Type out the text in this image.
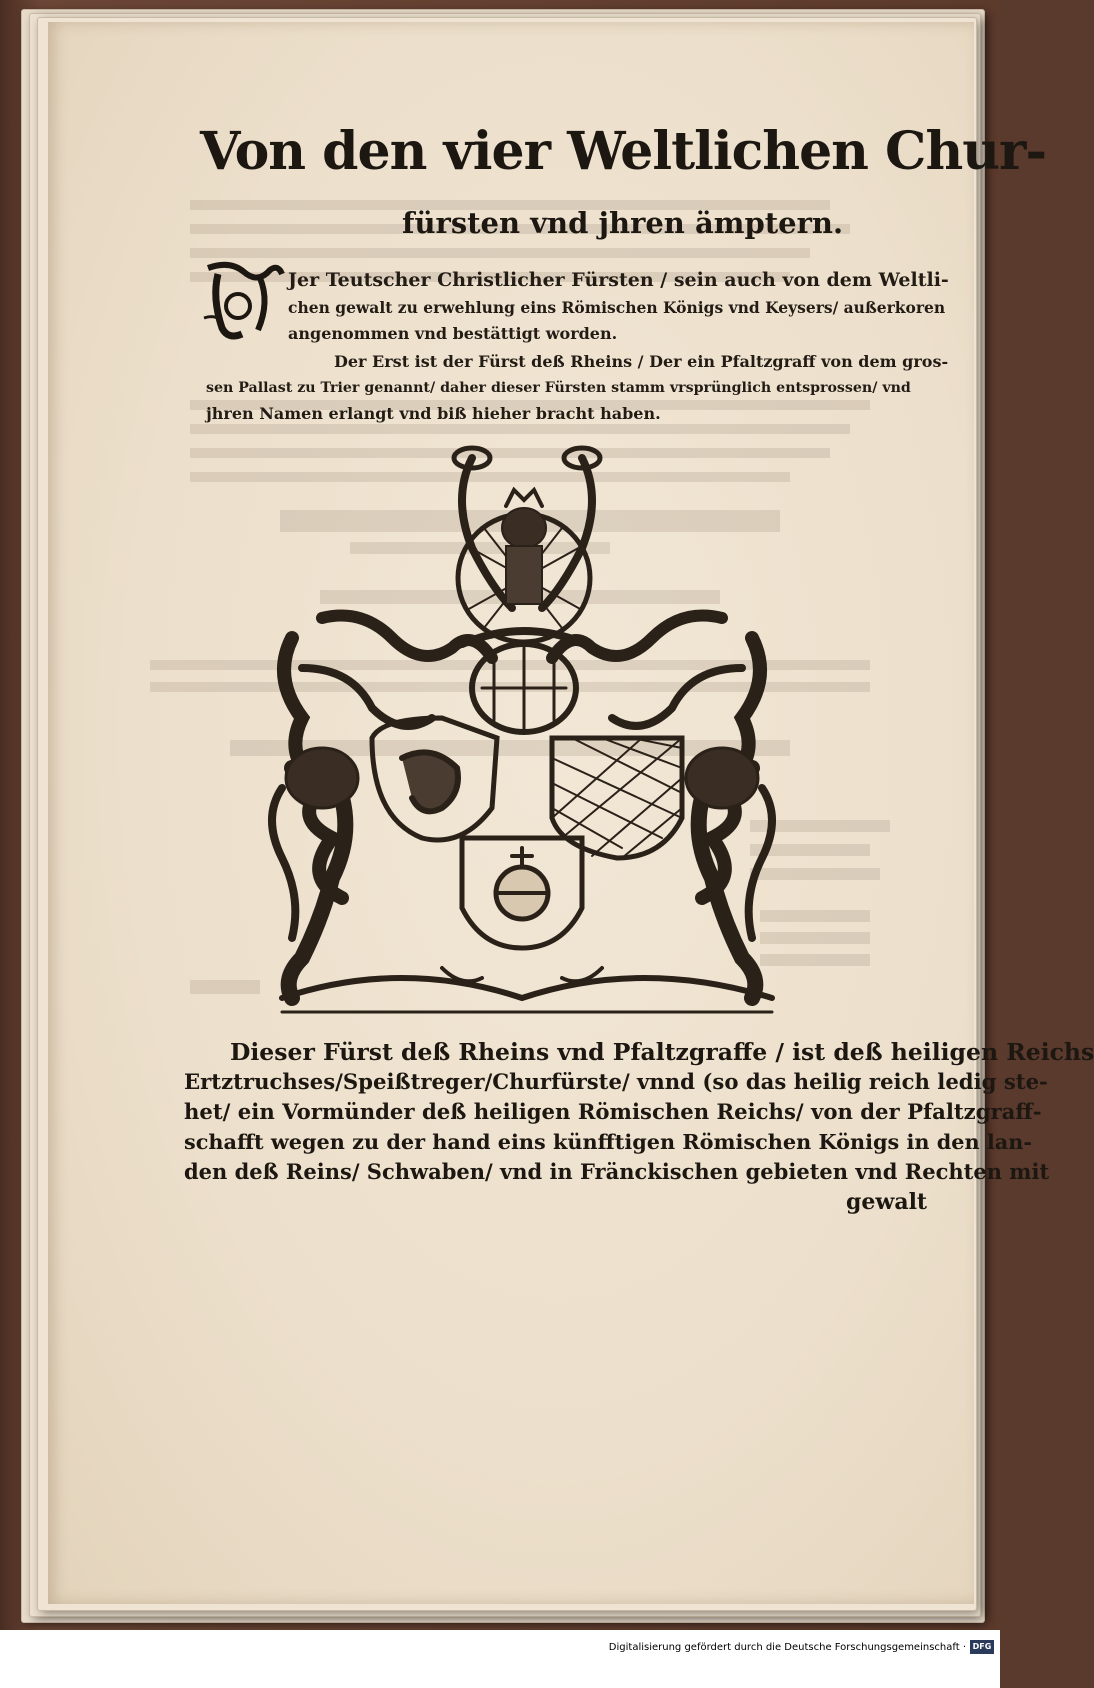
Von den vier Weltlichen Chur-
fürsten vnd jhren ämptern.
Jer Teutscher Christlicher Fürsten / sein auch von dem Weltli-
chen gewalt zu erwehlung eins Römischen Königs vnd Keysers/ außerkoren
angenommen vnd bestättigt worden.
Der Erst ist der Fürst deß Rheins / Der ein Pfaltzgraff von dem gros-
sen Pallast zu Trier genannt/ daher dieser Fürsten stamm vrsprünglich entsprossen/ vnd
jhren Namen erlangt vnd biß hieher bracht haben.
Dieser Fürst deß Rheins vnd Pfaltzgraffe / ist deß heiligen Reichs
Ertztruchses/Speißtreger/Churfürste/ vnnd (so das heilig reich ledig ste-
het/ ein Vormünder deß heiligen Römischen Reichs/ von der Pfaltzgraff-
schafft wegen zu der hand eins künfftigen Römischen Königs in den lan-
den deß Reins/ Schwaben/ vnd in Fränckischen gebieten vnd Rechten mit
gewalt
Digitalisierung gefördert durch die Deutsche Forschungsgemeinschaft · DFG
